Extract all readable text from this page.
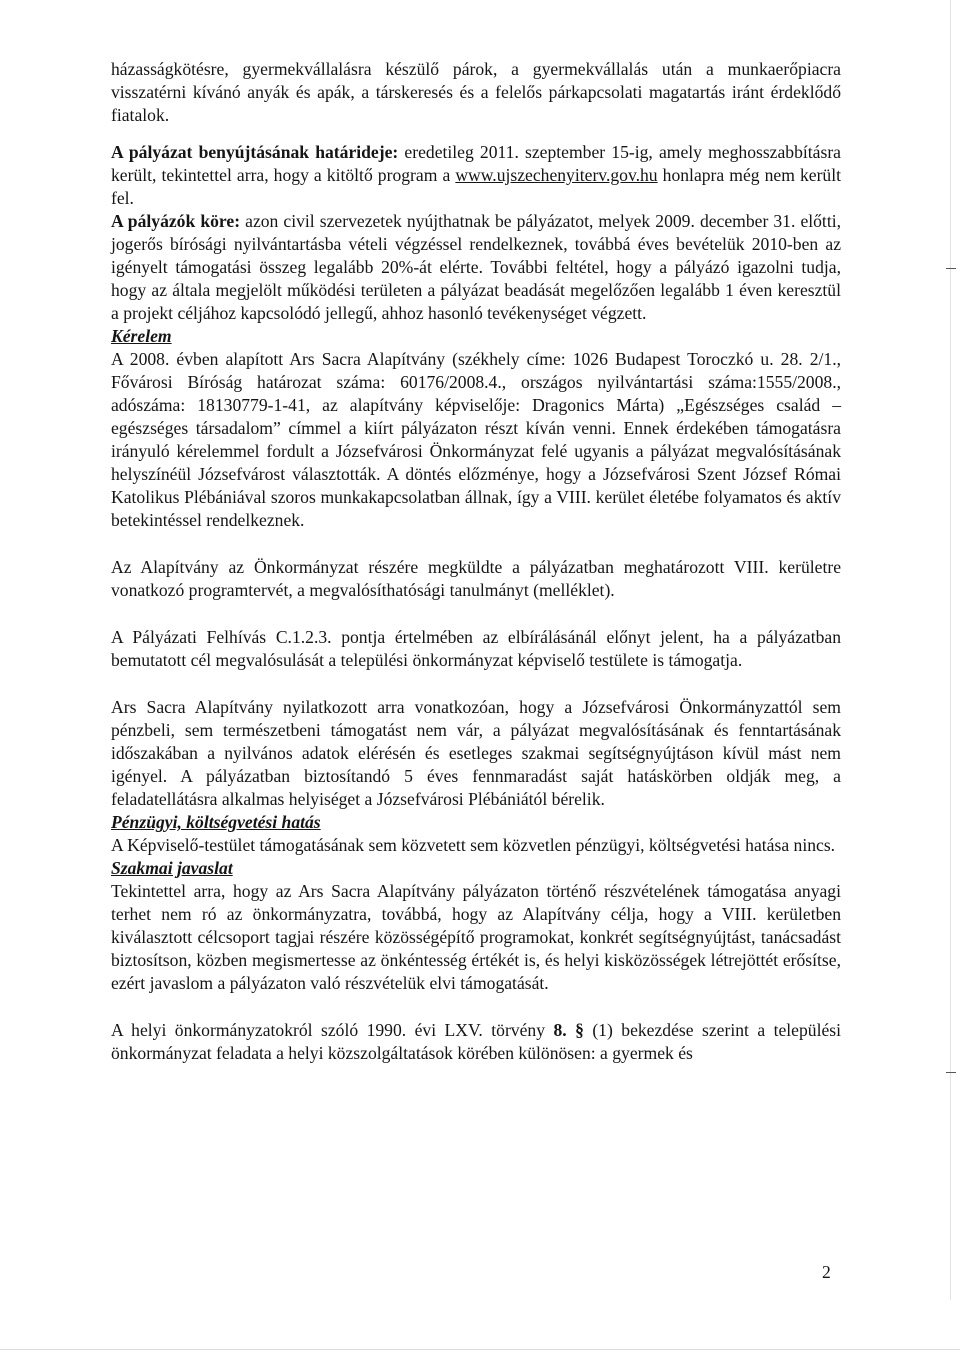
házasságkötésre, gyermekvállalásra készülő párok, a gyermekvállalás után a munkaerőpiacra visszatérni kívánó anyák és apák, a társkeresés és a felelős párkapcsolati magatartás iránt érdeklődő fiatalok.

A pályázat benyújtásának határideje: eredetileg 2011. szeptember 15-ig, amely meghosszabbításra került, tekintettel arra, hogy a kitöltő program a www.ujszechenyiterv.gov.hu honlapra még nem került fel.

A pályázók köre: azon civil szervezetek nyújthatnak be pályázatot, melyek 2009. december 31. előtti, jogerős bírósági nyilvántartásba vételi végzéssel rendelkeznek, továbbá éves bevételük 2010-ben az igényelt támogatási összeg legalább 20%-át elérte. További feltétel, hogy a pályázó igazolni tudja, hogy az általa megjelölt működési területen a pályázat beadását megelőzően legalább 1 éven keresztül a projekt céljához kapcsolódó jellegű, ahhoz hasonló tevékenységet végzett.

Kérelem

A 2008. évben alapított Ars Sacra Alapítvány (székhely címe: 1026 Budapest Toroczkó u. 28. 2/1., Fővárosi Bíróság határozat száma: 60176/2008.4., országos nyilvántartási száma:1555/2008., adószáma: 18130779-1-41, az alapítvány képviselője: Dragonics Márta) „Egészséges család – egészséges társadalom” címmel a kiírt pályázaton részt kíván venni. Ennek érdekében támogatásra irányuló kérelemmel fordult a Józsefvárosi Önkormányzat felé ugyanis a pályázat megvalósításának helyszínéül Józsefvárost választották. A döntés előzménye, hogy a Józsefvárosi Szent József Római Katolikus Plébániával szoros munkakapcsolatban állnak, így a VIII. kerület életébe folyamatos és aktív betekintéssel rendelkeznek.

Az Alapítvány az Önkormányzat részére megküldte a pályázatban meghatározott VIII. kerületre vonatkozó programtervét, a megvalósíthatósági tanulmányt (melléklet).

A Pályázati Felhívás C.1.2.3. pontja értelmében az elbírálásánál előnyt jelent, ha a pályázatban bemutatott cél megvalósulását a települési önkormányzat képviselő testülete is támogatja.

Ars Sacra Alapítvány nyilatkozott arra vonatkozóan, hogy a Józsefvárosi Önkormányzattól sem pénzbeli, sem természetbeni támogatást nem vár, a pályázat megvalósításának és fenntartásának időszakában a nyilvános adatok elérésén és esetleges szakmai segítségnyújtáson kívül mást nem igényel. A pályázatban biztosítandó 5 éves fennmaradást saját hatáskörben oldják meg, a feladatellátásra alkalmas helyiséget a Józsefvárosi Plébániától bérelik.

Pénzügyi, költségvetési hatás

A Képviselő-testület támogatásának sem közvetett sem közvetlen pénzügyi, költségvetési hatása nincs.

Szakmai javaslat

Tekintettel arra, hogy az Ars Sacra Alapítvány pályázaton történő részvételének támogatása anyagi terhet nem ró az önkormányzatra, továbbá, hogy az Alapítvány célja, hogy a VIII. kerületben kiválasztott célcsoport tagjai részére közösségépítő programokat, konkrét segítségnyújtást, tanácsadást biztosítson, közben megismertesse az önkéntesség értékét is, és helyi kisközösségek létrejöttét erősítse, ezért javaslom a pályázaton való részvételük elvi támogatását.

A helyi önkormányzatokról szóló 1990. évi LXV. törvény 8. § (1) bekezdése szerint a települési önkormányzat feladata a helyi közszolgáltatások körében különösen: a gyermek és

2
